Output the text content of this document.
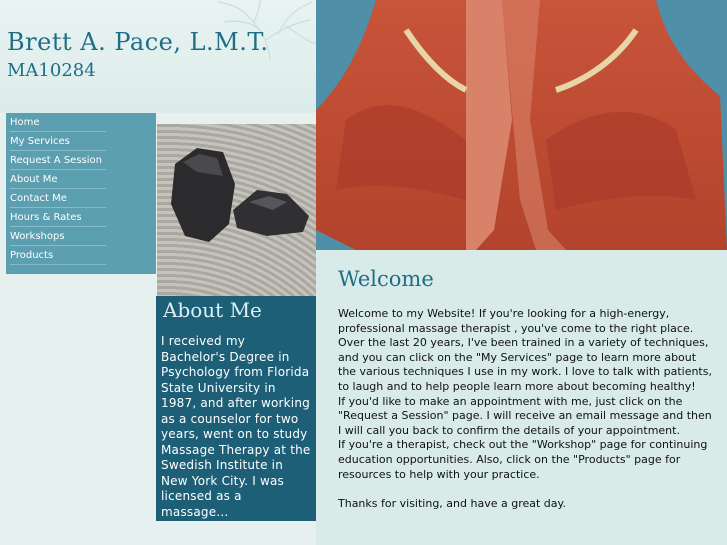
Brett A. Pace, L.M.T.
MA10284
Home
My Services
Request A Session
About Me
Contact Me
Hours & Rates
Workshops
Products
About Me
I received my Bachelor's Degree in Psychology from Florida State University in 1987, and after working as a counselor for two years, went on to study Massage Therapy at the Swedish Institute in New York City. I was licensed as a massage...
Welcome

Welcome to my Website! If you're looking for a high-energy, professional massage therapist , you've come to the right place. Over the last 20 years, I've been trained in a variety of techniques, and you can click on the "My Services" page to learn more about the various techniques I use in my work. I love to talk with patients, to laugh and to help people learn more about becoming healthy!

If you'd like to make an appointment with me, just click on the "Request a Session" page. I will receive an email message and then I will call you back to confirm the details of your appointment.

If you're a therapist, check out the "Workshop" page for continuing education opportunities. Also, click on the "Products" page for resources to help with your practice.

Thanks for visiting, and have a great day.
